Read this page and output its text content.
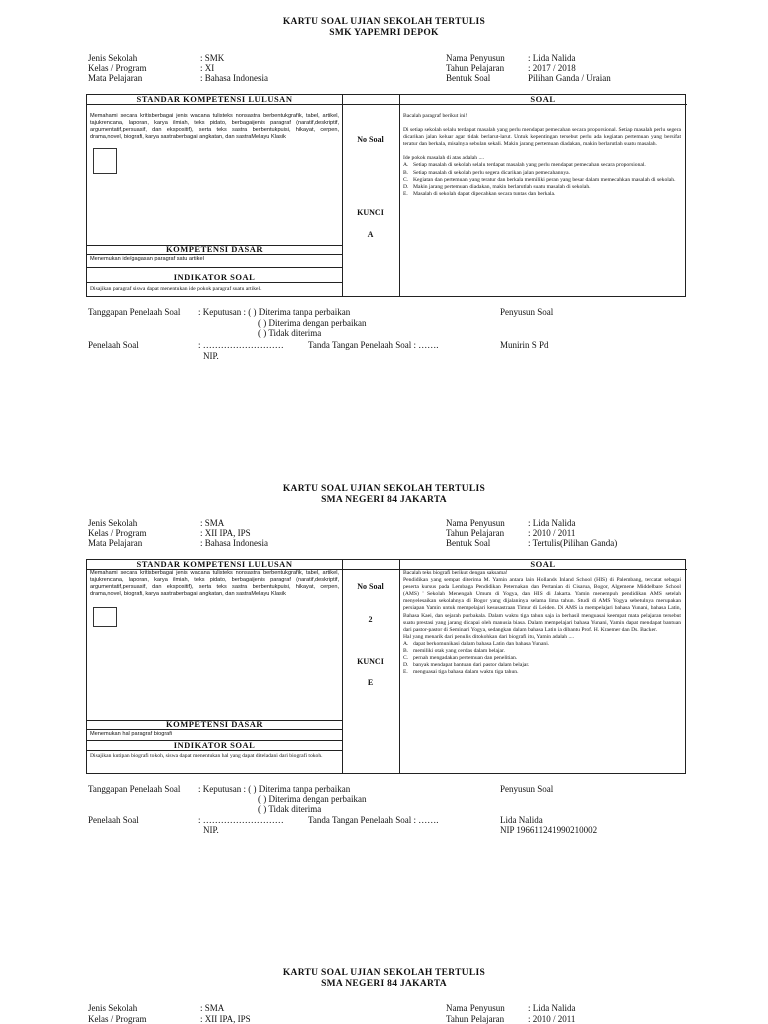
KARTU SOAL UJIAN SEKOLAH TERTULIS
SMK YAPEMRI DEPOK
Jenis Sekolah	: SMK
Kelas / Program	: XI
Mata Pelajaran	: Bahasa Indonesia
Nama Penyusun	: Lida Nalida
Tahun Pelajaran	: 2017 / 2018
Bentuk Soal	Pilihan Ganda / Uraian
STANDAR KOMPETENSI LULUSAN	SOAL
Memahami secara kritisberbagai jenis wacana tulisteks nonsastra berbentukgrafik, tabel, artikel, tajukrencana, laporan, karya ilmiah, teks pidato, berbagaijenis paragraf (naratif,deskriptif, argumentatif,persuasif, dan ekspositif), serta teks sastra berbentukpuisi, hikayat, cerpen, drama,novel, biografi, karya sastraberbagai angkatan, dan sastraMelayu Klasik
KOMPETENSI DASAR
Menemukan ide/gagasan paragraf satu artikel
INDIKATOR SOAL
Disajikan paragraf siswa dapat menentukan ide pokok paragraf suatu artikel.
No Soal
KUNCI
A
Bacalah paragraf berikut ini!
Di setiap sekolah selalu terdapat masalah yang perlu mendapat pemecahan secara proporsional. Setiap masalah perlu segera dicarikan jalan keluar agar tidak berlarut-larut. Untuk kepentingan tersebut perlu ada kegiatan pertemuan yang bersifat teratur dan berkala, misalnya sebulan sekali. Makin jarang pertemuan diadakan, makin berlarutlah suatu masalah.
Ide pokok masalah di atas adalah ....
A. Setiap masalah di sekolah selalu terdapat masalah yang perlu mendapat pemecahan secara proporsional.
B. Setiap masalah di sekolah perlu segera dicarikan jalan pemecahannya.
C. Kegiatan dan pertemuan yang teratur dan berkala memiliki peran yang besar dalam memecahkan masalah di sekolah.
D. Makin jarang pertemuan diadakan, makin berlarutlah suatu masalah di sekolah.
E. Masalah di sekolah dapat dipecahkan secara tuntas dan berkala.
Tanggapan Penelaah Soal : Keputusan : ( ) Diterima tanpa perbaikan
( ) Diterima dengan perbaikan
( ) Tidak diterima
Penyusun Soal
Penelaah Soal	: ………………………	Tanda Tangan Penelaah Soal : …….	Munirin S Pd
NIP.
KARTU SOAL UJIAN SEKOLAH TERTULIS
SMA NEGERI 84 JAKARTA
Jenis Sekolah	: SMA
Kelas / Program	: XII IPA, IPS
Mata Pelajaran	: Bahasa Indonesia
Nama Penyusun	: Lida Nalida
Tahun Pelajaran	: 2010 / 2011
Bentuk Soal	: Tertulis(Pilihan Ganda)
STANDAR KOMPETENSI LULUSAN	SOAL
Memahami secara kritisberbagai jenis wacana tulisteks nonsastra berbentukgrafik, tabel, artikel, tajukrencana, laporan, karya ilmiah, teks pidato, berbagaijenis paragraf (naratif,deskriptif, argumentatif,persuasif, dan ekspositif), serta teks sastra berbentukpuisi, hikayat, cerpen, drama,novel, biografi, karya sastraberbagai angkatan, dan sastraMelayu Klasik
KOMPETENSI DASAR
Menemukan hal paragraf biografi
INDIKATOR SOAL
Disajikan kutipan biografi tokoh, siswa dapat menentukan hal yang dapat diteladani dari biografi tokoh.
No Soal
2
KUNCI
E
Bacalah teks biografi berikut dengan saksama!
Pendidikan yang sempat diterima M. Yamin antara lain Hollands Inland School (HIS) di Palembang, tercatat sebagai peserta kursus pada Lembaga Pendidikan Peternakan dan Pertanian di Cisarua, Bogor, Algemene Middelbare School (AMS) ' Sekolah Menengah Umum di Yogya, dan HIS di Jakarta. Yamin menempuh pendidikan AMS setelah menyelesaikan sekolahnya di Bogor yang dijalaninya selama lima tahun. Studi di AMS Yogya sebetulnya merupakan persiapan Yamin untuk mempelajari kesusastraan Timur di Leiden. Di AMS ia mempelajari bahasa Yunani, bahasa Latin, Bahasa Kaei, dan sejarah purbakala. Dalam waktu tiga tahun saja ia berhasil menguasai keempat mata pelajaran tersebut suatu prestasi yang jarang dicapai oleh manusia biasa. Dalam mempelajari bahasa Yunani, Yamin dapat mendapat bantuan dari pastor-pastor di Seminari Yogya, sedangkan dalam bahasa Latin ia dibantu Prof. H. Kraemer dan Ds. Backer.
Hal yang menarik dari penulis ditokohkan dari biografi itu, Yamin adalah ....
A. dapat berkomunikasi dalam bahasa Latin dan bahasa Yunani.
B. memiliki otak yang cerdas dalam belajar.
C. pernah mengadakan pertemuan dan penelitian.
D. banyak mendapat bantuan dari pastor dalam belajar.
E. menguasai tiga bahasa dalam waktu tiga tahun.
Tanggapan Penelaah Soal : Keputusan : ( ) Diterima tanpa perbaikan
( ) Diterima dengan perbaikan
( ) Tidak diterima
Penyusun Soal
Penelaah Soal	: ………………………	Tanda Tangan Penelaah Soal : …….	Lida Nalida
NIP.	NIP 196611241990210002
KARTU SOAL UJIAN SEKOLAH TERTULIS
SMA NEGERI 84 JAKARTA
Jenis Sekolah	: SMA
Kelas / Program	: XII IPA, IPS
Nama Penyusun	: Lida Nalida
Tahun Pelajaran	: 2010 / 2011
